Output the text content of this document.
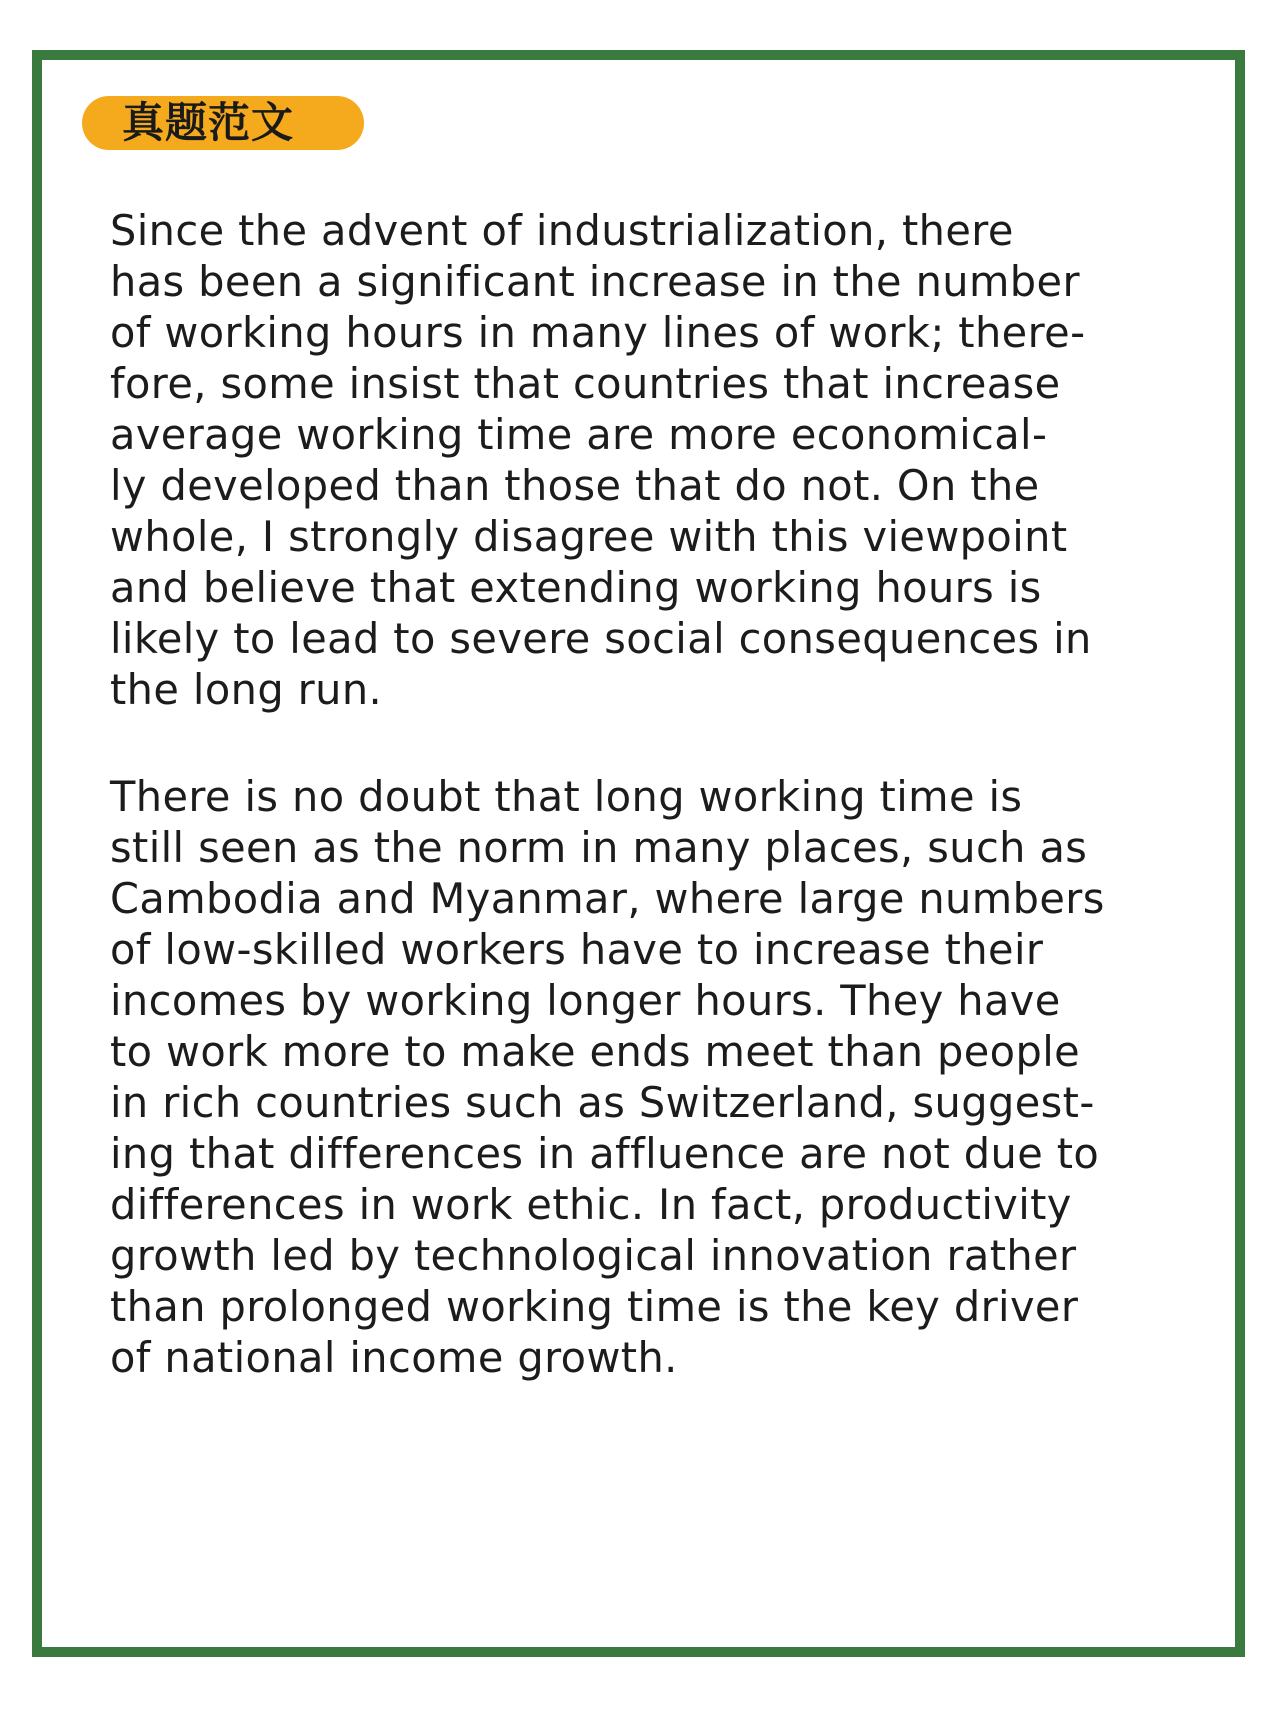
真题范文

Since the advent of industrialization, there
has been a significant increase in the number
of working hours in many lines of work; there-
fore, some insist that countries that increase
average working time are more economical-
ly developed than those that do not. On the
whole, I strongly disagree with this viewpoint
and believe that extending working hours is
likely to lead to severe social consequences in
the long run.

There is no doubt that long working time is
still seen as the norm in many places, such as
Cambodia and Myanmar, where large numbers
of low-skilled workers have to increase their
incomes by working longer hours. They have
to work more to make ends meet than people
in rich countries such as Switzerland, suggest-
ing that differences in affluence are not due to
differences in work ethic. In fact, productivity
growth led by technological innovation rather
than prolonged working time is the key driver
of national income growth.
